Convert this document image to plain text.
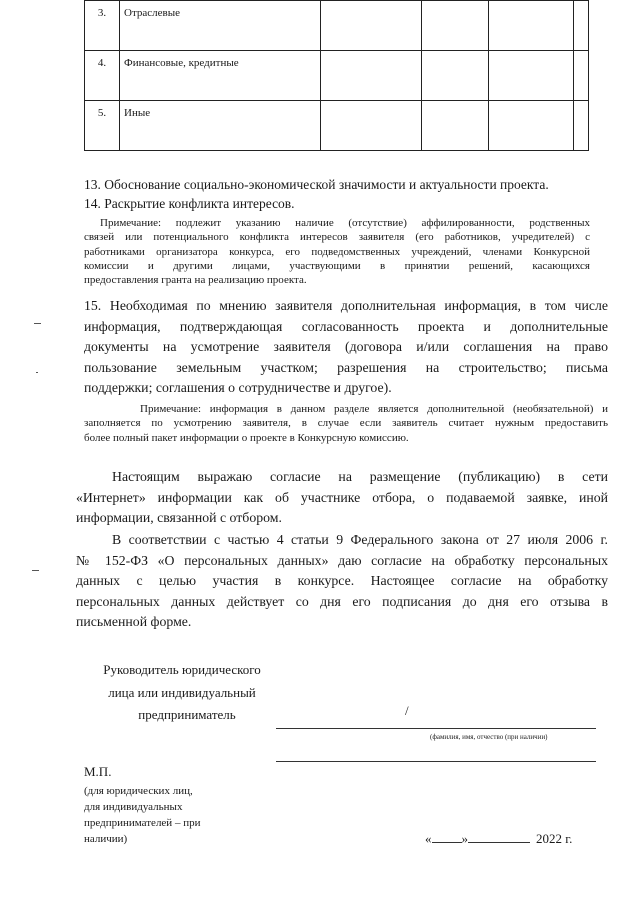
3.	Отраслевые				
4.	Финансовые, кредитные				
5.	Иные				
13. Обоснование социально-экономической значимости и актуальности проекта.
14. Раскрытие конфликта интересов.
Примечание: подлежит указанию наличие (отсутствие) аффилированности, родственных
связей или потенциального конфликта интересов заявителя (его работников, учредителей) с
работниками организатора конкурса, его подведомственных учреждений, членами Конкурсной
комиссии и другими лицами, участвующими в принятии решений, касающихся
предоставления гранта на реализацию проекта.
15. Необходимая по мнению заявителя дополнительная информация, в том числе
информация, подтверждающая согласованность проекта и дополнительные
документы на усмотрение заявителя (договора и/или соглашения на право
пользование земельным участком; разрешения на строительство; письма
поддержки; соглашения о сотрудничестве и другое).
Примечание: информация в данном разделе является дополнительной (необязательной) и
заполняется по усмотрению заявителя, в случае если заявитель считает нужным предоставить
более полный пакет информации о проекте в Конкурсную комиссию.
Настоящим выражаю согласие на размещение (публикацию) в сети
«Интернет» информации как об участнике отбора, о подаваемой заявке, иной
информации, связанной с отбором.
В соответствии с частью 4 статьи 9 Федерального закона от 27 июля 2006 г.
№ 152-ФЗ «О персональных данных» даю согласие на обработку персональных
данных с целью участия в конкурсе. Настоящее согласие на обработку
персональных данных действует со дня его подписания до дня его отзыва в
письменной форме.
Руководитель юридического
лица или индивидуальный
предприниматель	/
(фамилия, имя, отчество (при наличии)
М.П.
(для юридических лиц,
для индивидуальных
предпринимателей – при
наличии)	« »	2022 г.
